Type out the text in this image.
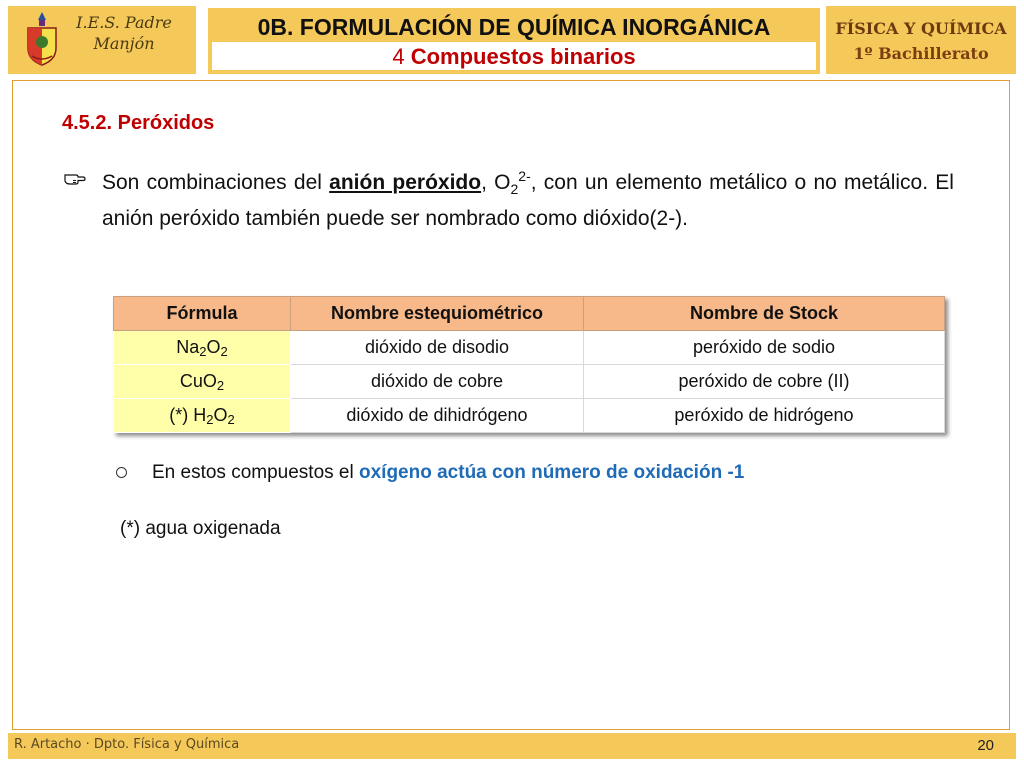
I.E.S. Padre
Manjón
0B. FORMULACIÓN DE QUÍMICA INORGÁNICA
4 Compuestos binarios
FÍSICA Y QUÍMICA
1º Bachillerato
4.5.2. Peróxidos
Son combinaciones del anión peróxido, $O_2^{2-}$, con un elemento metálico o no metálico. El anión peróxido también puede ser nombrado como dióxido(2-).
Fórmula	Nombre estequiométrico	Nombre de Stock
$Na_2O_2$	dióxido de disodio	peróxido de sodio
CuO$_2$	dióxido de cobre	peróxido de cobre (II)
(*) $H_2O_2$	dióxido de dihidrógeno	peróxido de hidrógeno
En estos compuestos el oxígeno actúa con número de oxidación -1
(*) agua oxigenada
R. Artacho · Dpto. Física y Química	20
